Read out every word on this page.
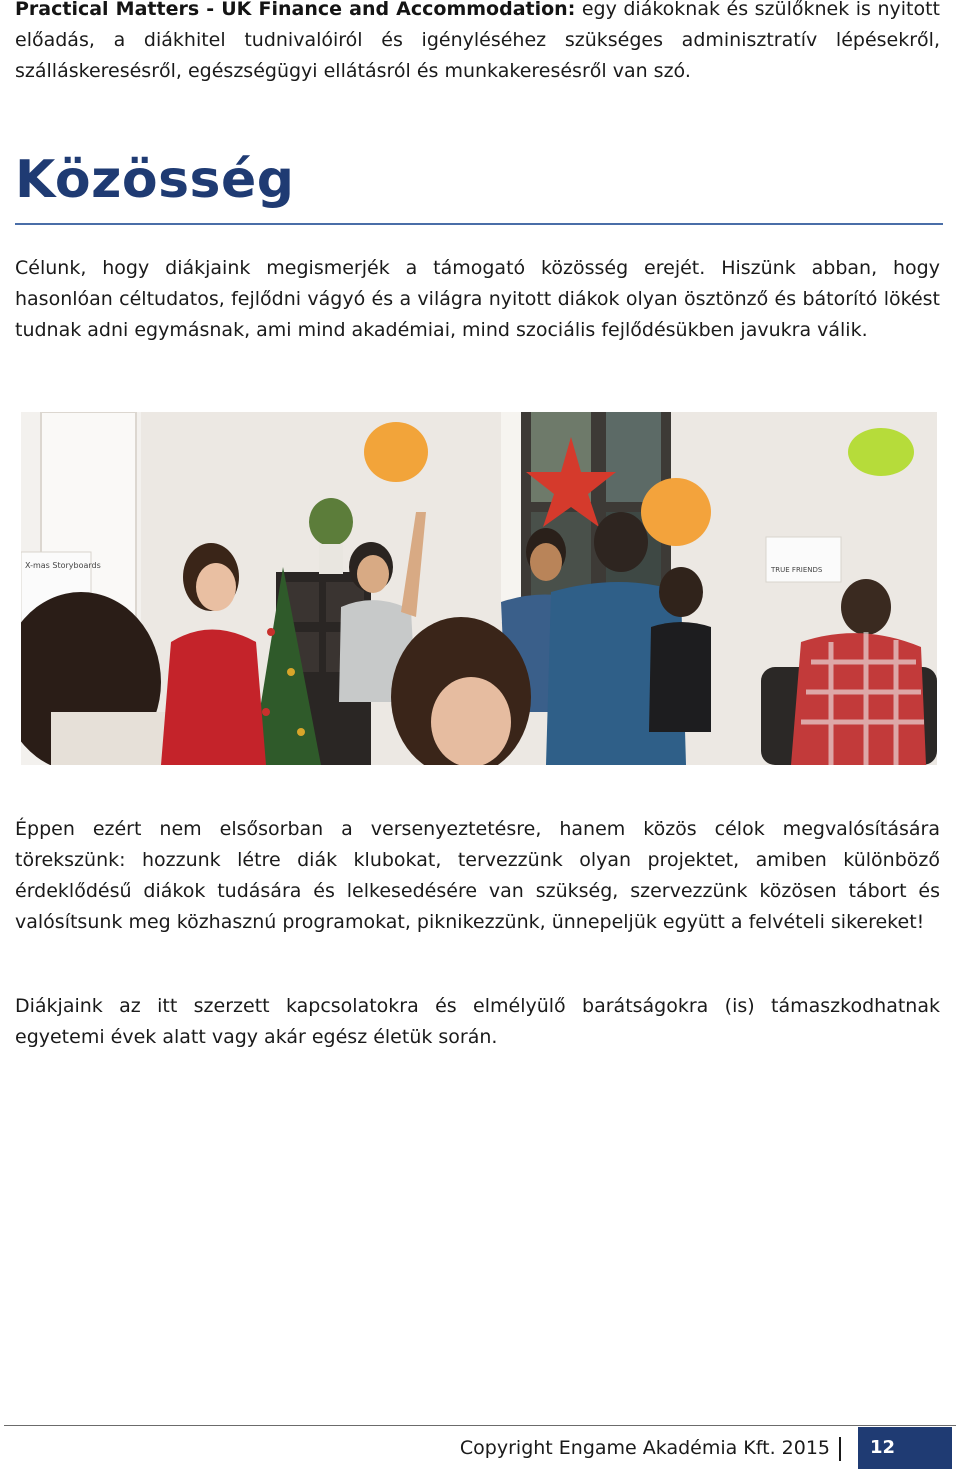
Practical Matters - UK Finance and Accommodation: egy diákoknak és szülőknek is nyitott előadás, a diákhitel tudnivalóiról és igényléséhez szükséges adminisztratív lépésekről, szálláskeresésről, egészségügyi ellátásról és munkakeresésről van szó.

Közösség

Célunk, hogy diákjaink megismerjék a támogató közösség erejét. Hiszünk abban, hogy hasonlóan céltudatos, fejlődni vágyó és a világra nyitott diákok olyan ösztönző és bátorító lökést tudnak adni egymásnak, ami mind akadémiai, mind szociális fejlődésükben javukra válik.

X-mas Storyboards	TRUE FRIENDS

Éppen ezért nem elsősorban a versenyeztetésre, hanem közös célok megvalósítására törekszünk: hozzunk létre diák klubokat, tervezzünk olyan projektet, amiben különböző érdeklődésű diákok tudására és lelkesedésére van szükség, szervezzünk közösen tábort és valósítsunk meg közhasznú programokat, piknikezzünk, ünnepeljük együtt a felvételi sikereket!

Diákjaink az itt szerzett kapcsolatokra és elmélyülő barátságokra (is) támaszkodhatnak egyetemi évek alatt vagy akár egész életük során.

Copyright Engame Akadémia Kft. 2015	12
